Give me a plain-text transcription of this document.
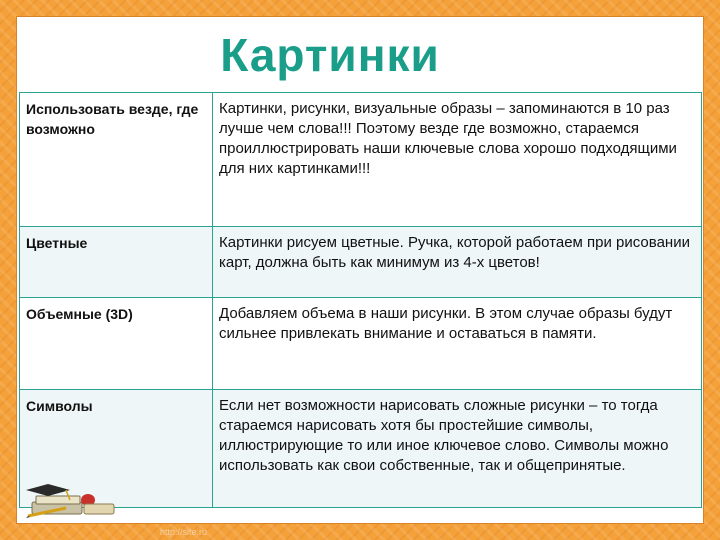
Картинки
Использовать везде, где возможно	Картинки, рисунки, визуальные образы – запоминаются в 10 раз лучше чем слова!!! Поэтому везде где возможно, стараемся проиллюстрировать наши ключевые слова хорошо подходящими для них картинками!!!
Цветные	Картинки рисуем цветные. Ручка, которой работаем при рисовании карт, должна быть как минимум из 4-х цветов!
Объемные (3D)	Добавляем объема в наши рисунки. В этом случае образы будут сильнее привлекать внимание и оставаться в памяти.
Символы	Если нет возможности нарисовать сложные рисунки – то тогда стараемся нарисовать хотя бы простейшие символы, иллюстрирующие то или иное ключевое слово. Символы можно использовать как свои собственные, так и общепринятые.
http://site.ru
